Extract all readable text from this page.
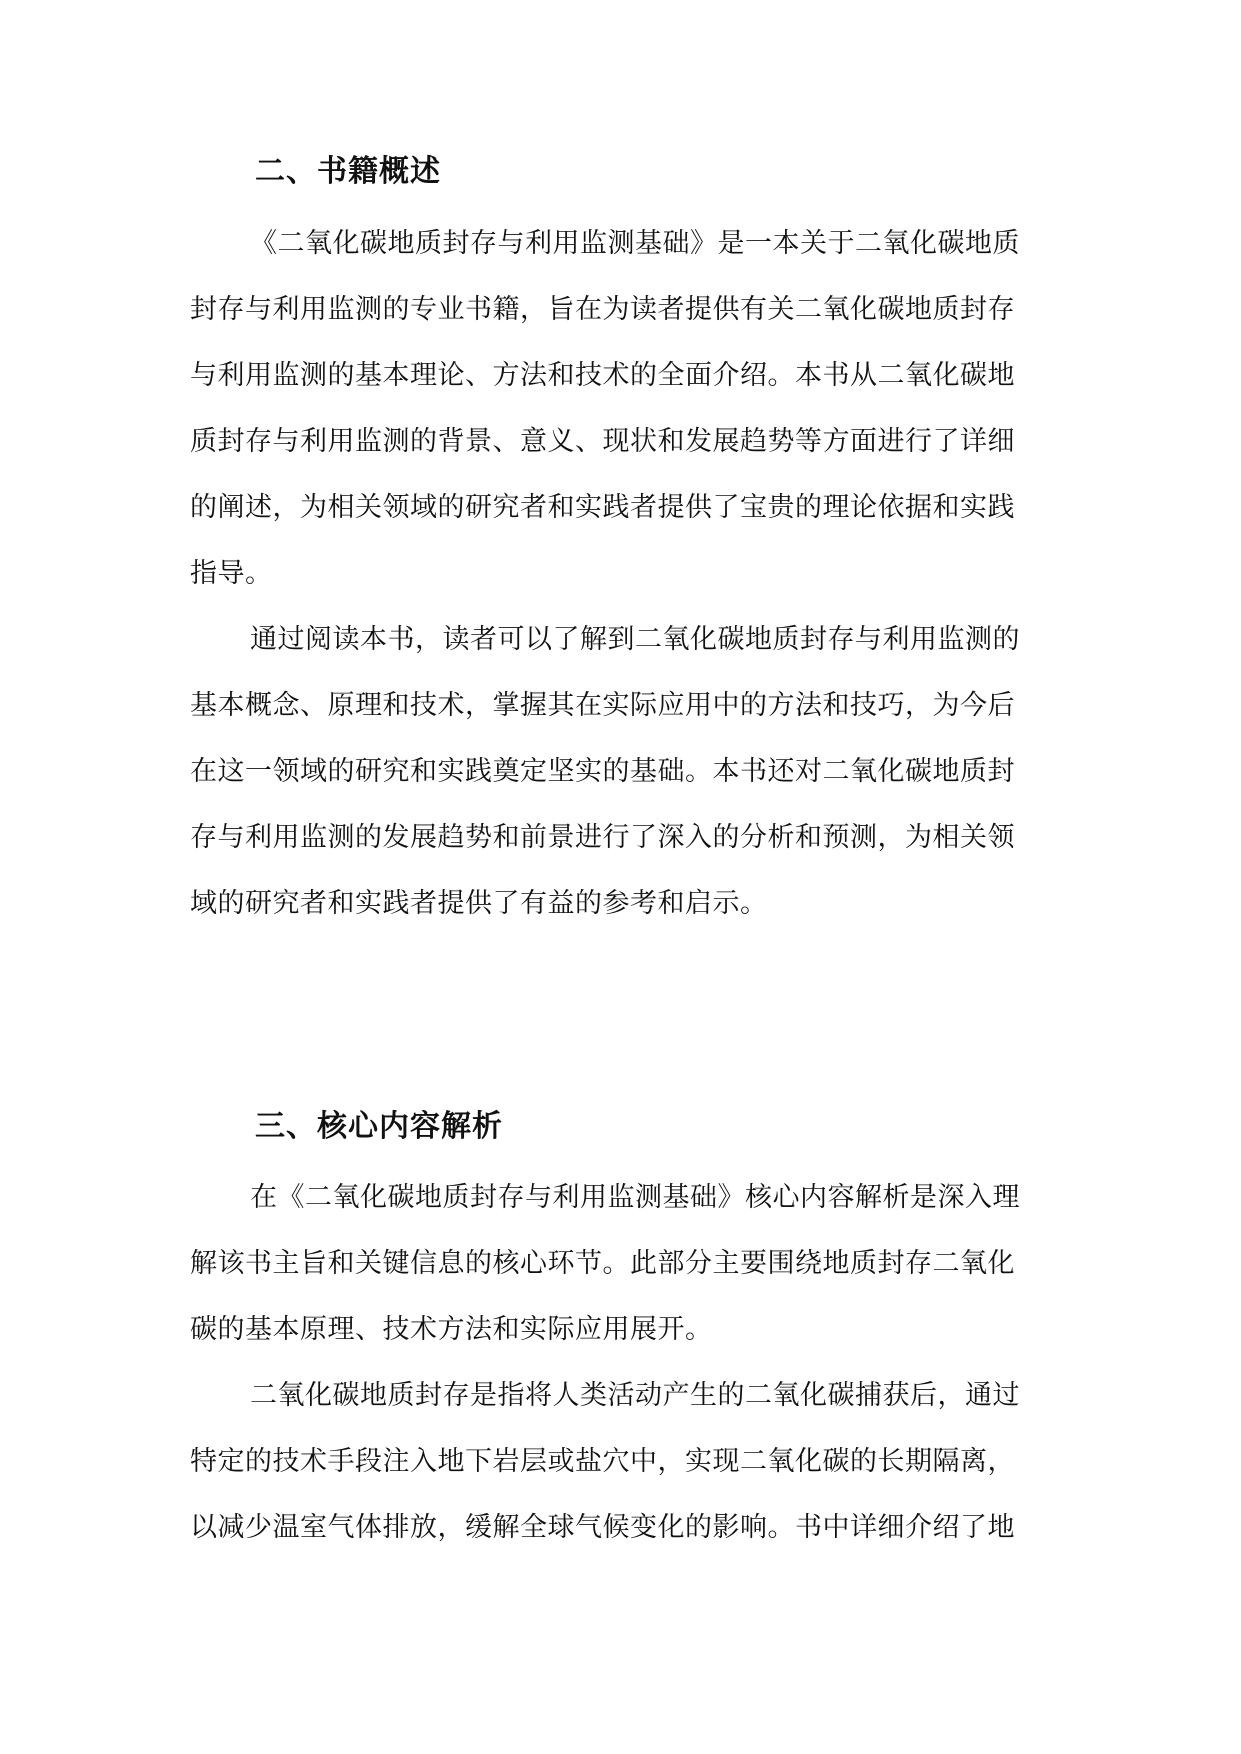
二、书籍概述

《二氧化碳地质封存与利用监测基础》是一本关于二氧化碳地质

封存与利用监测的专业书籍，旨在为读者提供有关二氧化碳地质封存

与利用监测的基本理论、方法和技术的全面介绍。本书从二氧化碳地

质封存与利用监测的背景、意义、现状和发展趋势等方面进行了详细

的阐述，为相关领域的研究者和实践者提供了宝贵的理论依据和实践

指导。

通过阅读本书，读者可以了解到二氧化碳地质封存与利用监测的

基本概念、原理和技术，掌握其在实际应用中的方法和技巧，为今后

在这一领域的研究和实践奠定坚实的基础。本书还对二氧化碳地质封

存与利用监测的发展趋势和前景进行了深入的分析和预测，为相关领

域的研究者和实践者提供了有益的参考和启示。

三、核心内容解析

在《二氧化碳地质封存与利用监测基础》核心内容解析是深入理

解该书主旨和关键信息的核心环节。此部分主要围绕地质封存二氧化

碳的基本原理、技术方法和实际应用展开。

二氧化碳地质封存是指将人类活动产生的二氧化碳捕获后，通过

特定的技术手段注入地下岩层或盐穴中，实现二氧化碳的长期隔离，

以减少温室气体排放，缓解全球气候变化的影响。书中详细介绍了地
